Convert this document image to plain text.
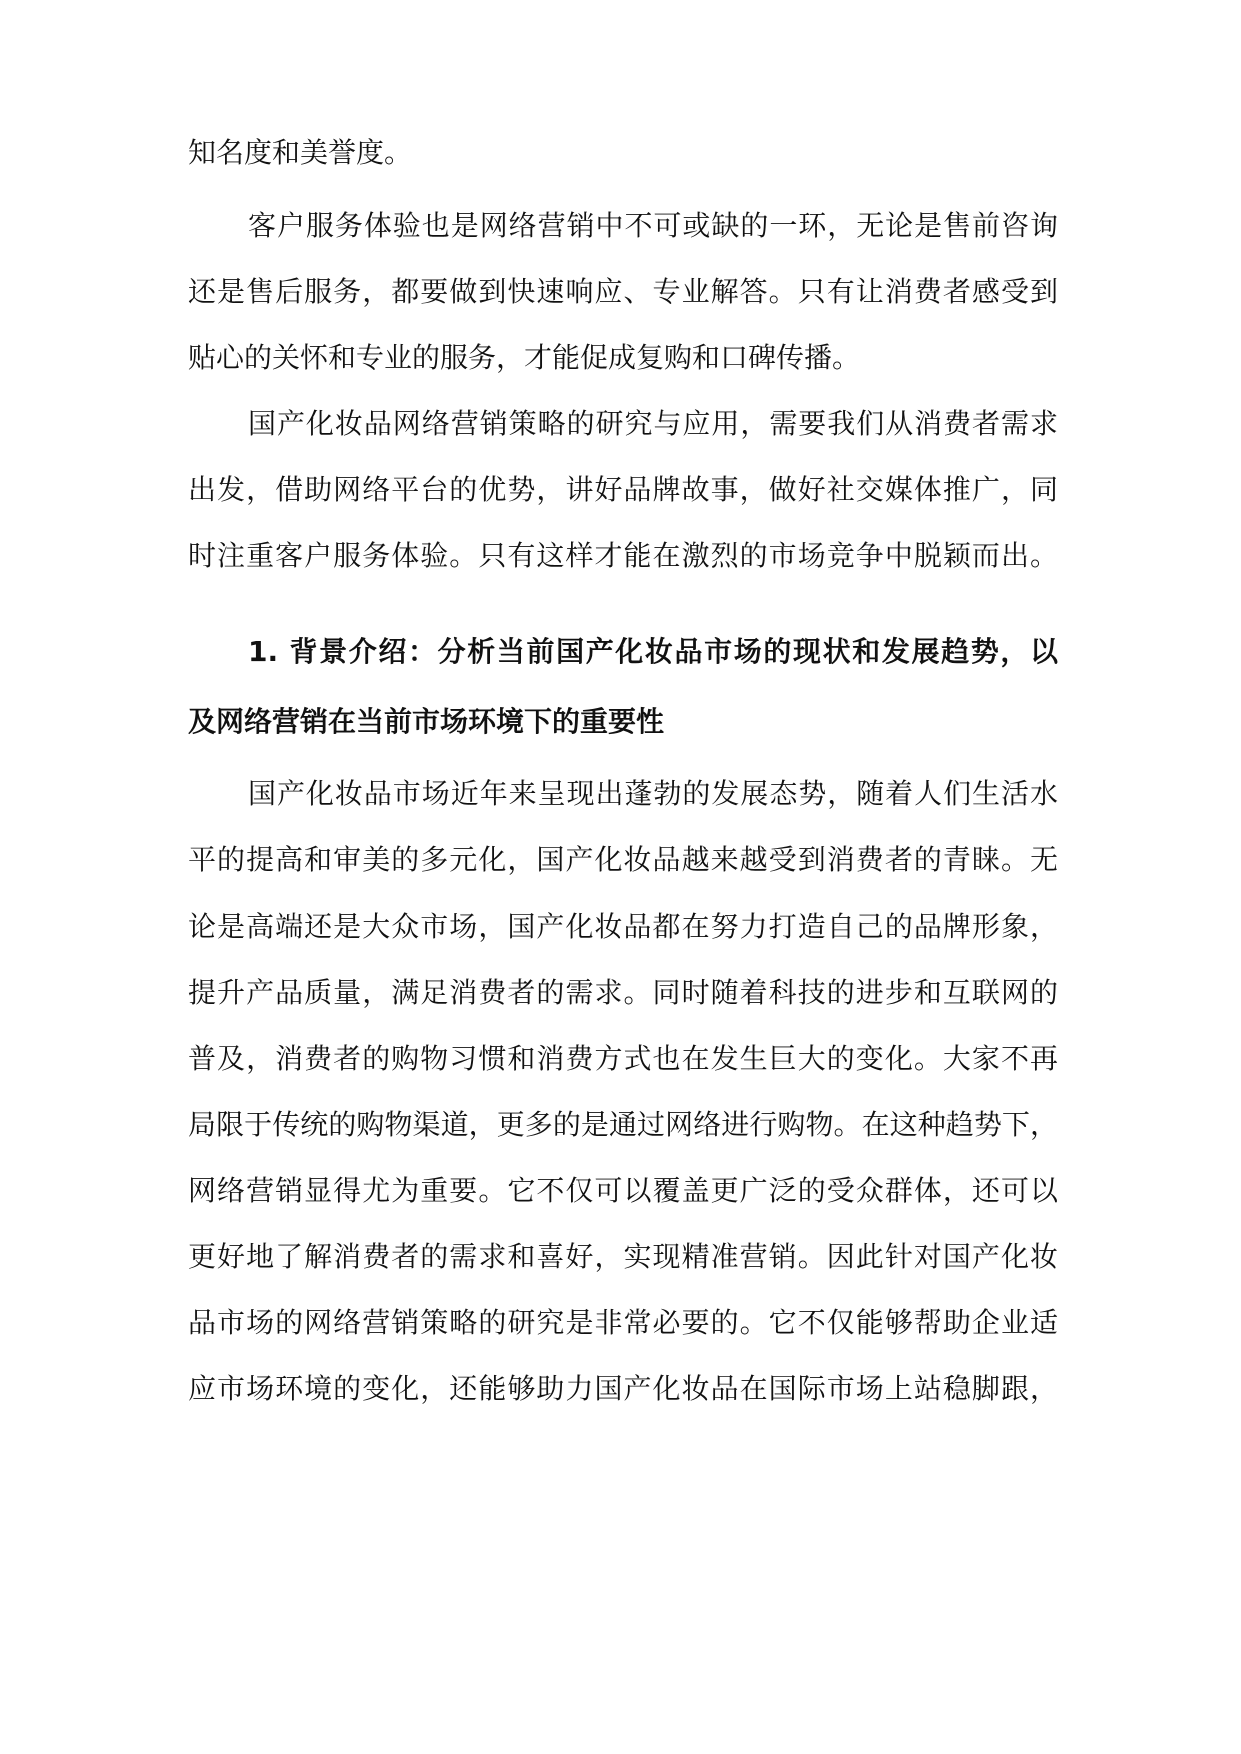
知名度和美誉度。
客户服务体验也是网络营销中不可或缺的一环，无论是售前咨询
还是售后服务，都要做到快速响应、专业解答。只有让消费者感受到
贴心的关怀和专业的服务，才能促成复购和口碑传播。
国产化妆品网络营销策略的研究与应用，需要我们从消费者需求
出发，借助网络平台的优势，讲好品牌故事，做好社交媒体推广，同
时注重客户服务体验。只有这样才能在激烈的市场竞争中脱颖而出。
1. 背景介绍：分析当前国产化妆品市场的现状和发展趋势，以
及网络营销在当前市场环境下的重要性
国产化妆品市场近年来呈现出蓬勃的发展态势，随着人们生活水
平的提高和审美的多元化，国产化妆品越来越受到消费者的青睐。无
论是高端还是大众市场，国产化妆品都在努力打造自己的品牌形象，
提升产品质量，满足消费者的需求。同时随着科技的进步和互联网的
普及，消费者的购物习惯和消费方式也在发生巨大的变化。大家不再
局限于传统的购物渠道，更多的是通过网络进行购物。在这种趋势下，
网络营销显得尤为重要。它不仅可以覆盖更广泛的受众群体，还可以
更好地了解消费者的需求和喜好，实现精准营销。因此针对国产化妆
品市场的网络营销策略的研究是非常必要的。它不仅能够帮助企业适
应市场环境的变化，还能够助力国产化妆品在国际市场上站稳脚跟，
